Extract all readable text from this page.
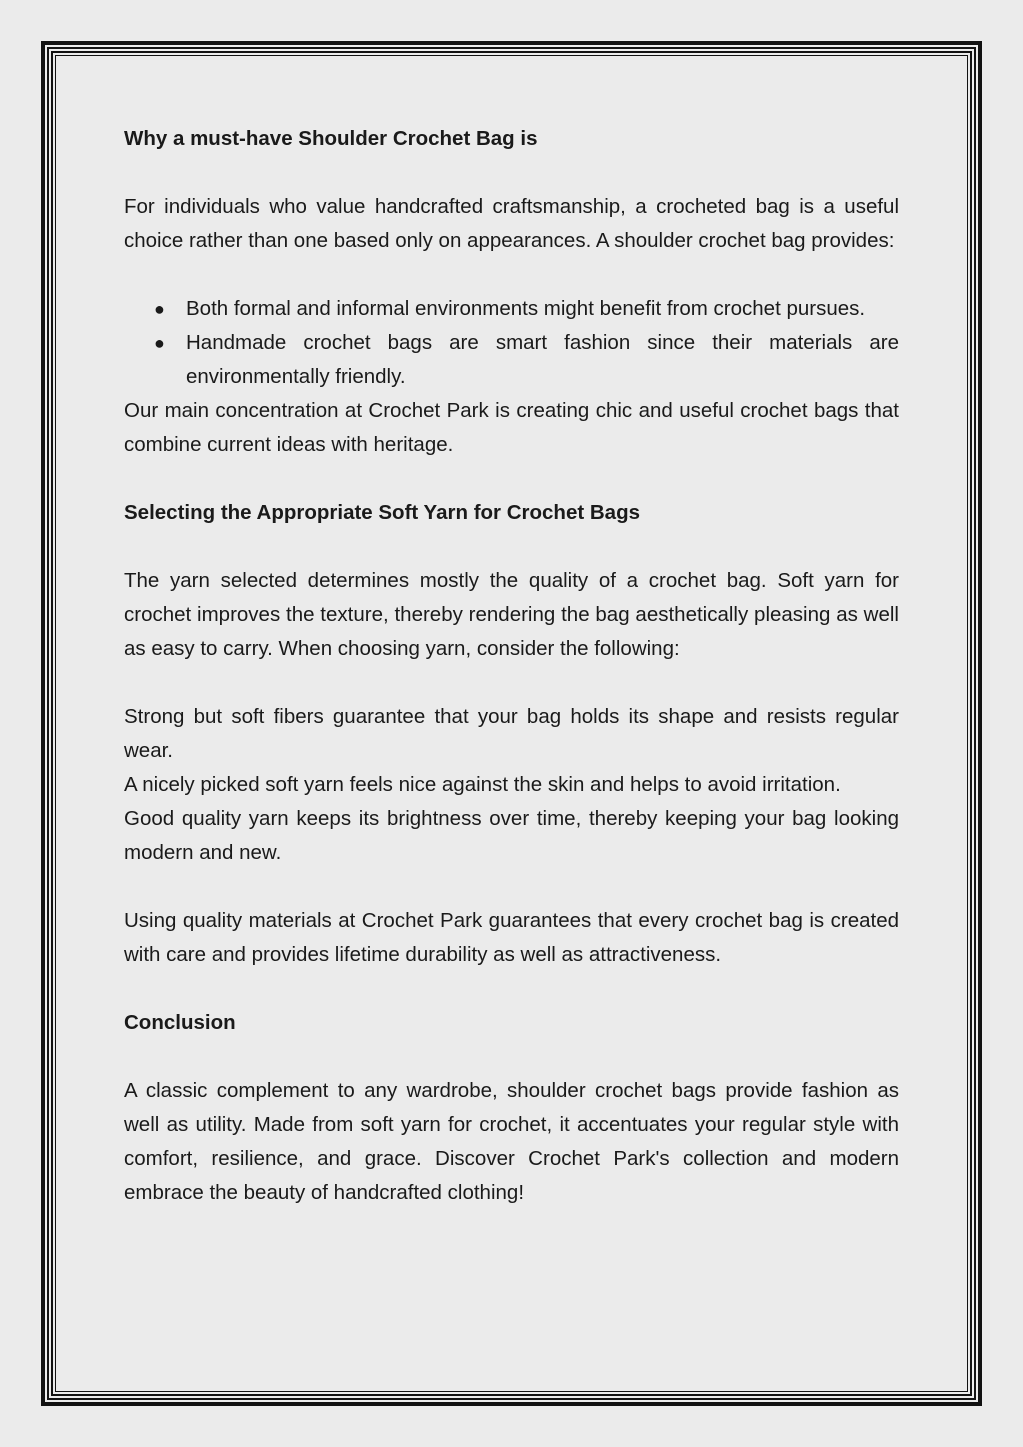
Why a must-have Shoulder Crochet Bag is

For individuals who value handcrafted craftsmanship, a crocheted bag is a useful choice rather than one based only on appearances. A shoulder crochet bag provides:

● Both formal and informal environments might benefit from crochet pursues.
● Handmade crochet bags are smart fashion since their materials are environmentally friendly.

Our main concentration at Crochet Park is creating chic and useful crochet bags that combine current ideas with heritage.

Selecting the Appropriate Soft Yarn for Crochet Bags

The yarn selected determines mostly the quality of a crochet bag. Soft yarn for crochet improves the texture, thereby rendering the bag aesthetically pleasing as well as easy to carry. When choosing yarn, consider the following:

Strong but soft fibers guarantee that your bag holds its shape and resists regular wear.

A nicely picked soft yarn feels nice against the skin and helps to avoid irritation.

Good quality yarn keeps its brightness over time, thereby keeping your bag looking modern and new.

Using quality materials at Crochet Park guarantees that every crochet bag is created with care and provides lifetime durability as well as attractiveness.

Conclusion

A classic complement to any wardrobe, shoulder crochet bags provide fashion as well as utility. Made from soft yarn for crochet, it accentuates your regular style with comfort, resilience, and grace. Discover Crochet Park's collection and modern embrace the beauty of handcrafted clothing!
